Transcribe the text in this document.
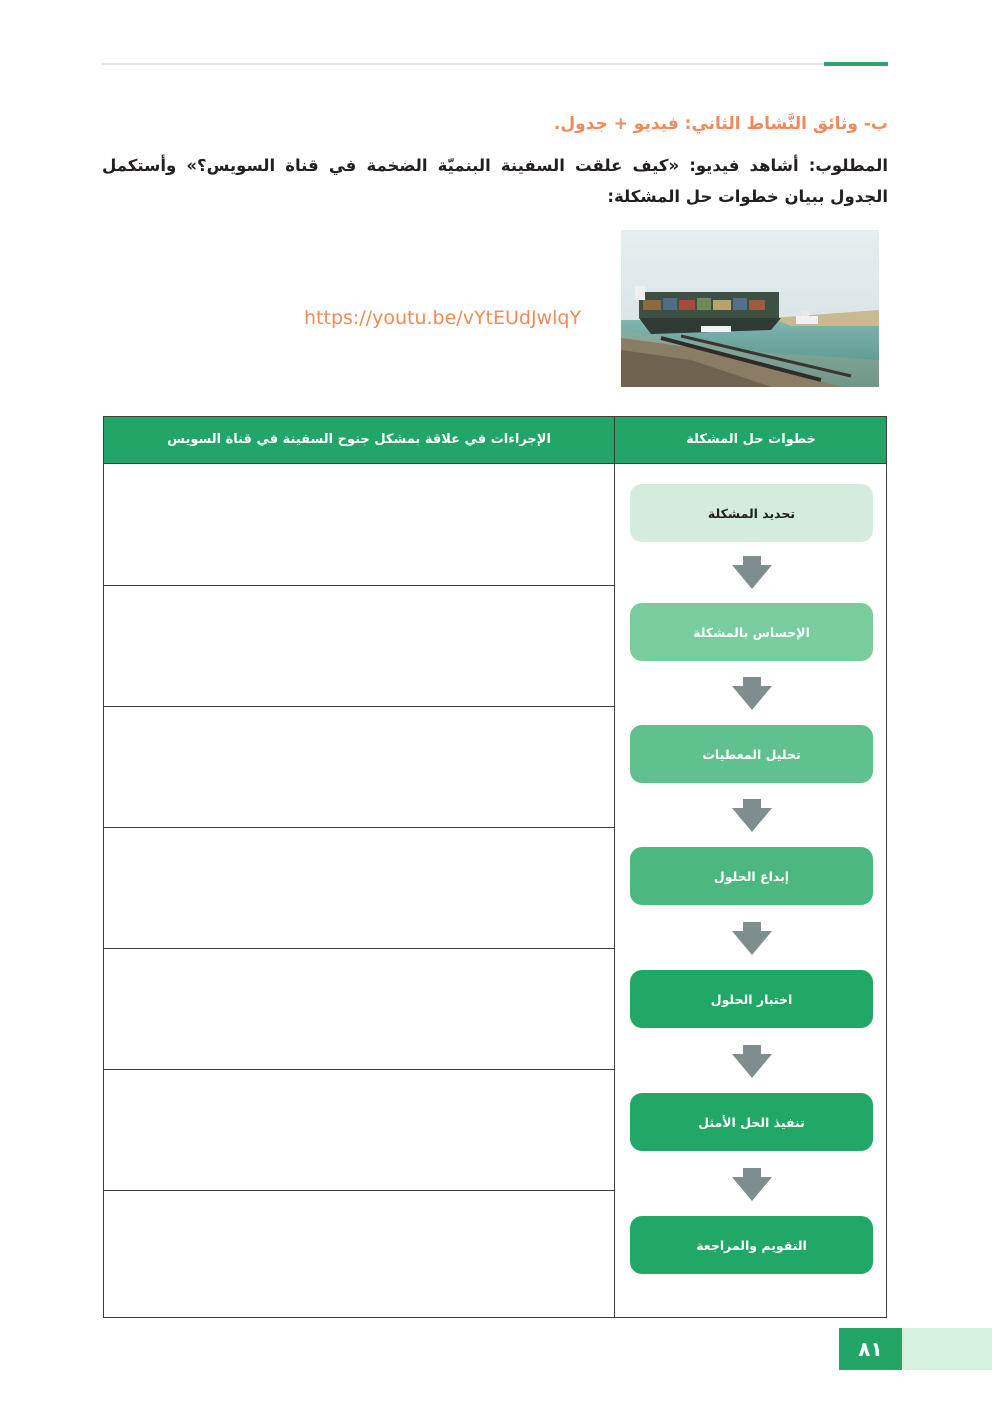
ب- وثائق النَّشاط الثاني: فيديو + جدول.
المطلوب: أشاهد فيديو: «كيف علقت السفينة البنميّة الضخمة في قناة السويس؟» وأستكمل الجدول ببيان خطوات حل المشكلة:
https://youtu.be/vYtEUdJwlqY
الإجراءات في علاقة بمشكل جنوح السفينة في قناة السويس	خطوات حل المشكلة
تحديد المشكلة
الإحساس بالمشكلة
تحليل المعطيات
إبداع الحلول
اختبار الحلول
تنفيذ الحل الأمثل
التقويم والمراجعة
٨١
